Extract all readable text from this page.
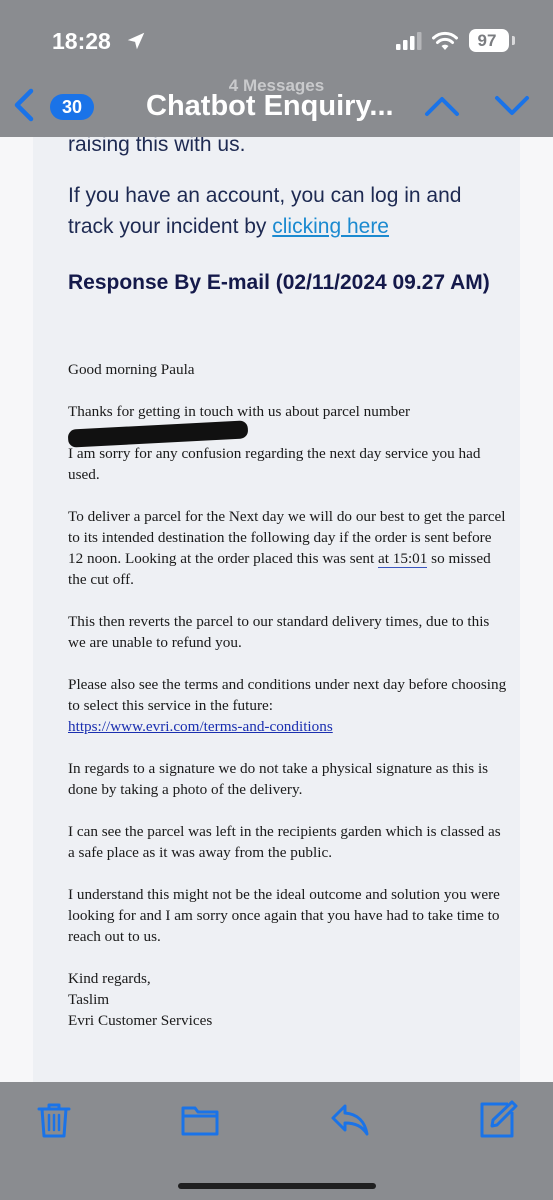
18:28	97
4 Messages
30	Chatbot Enquiry...
raising this with us.
If you have an account, you can log in and track your incident by clicking here
Response By E-mail (02/11/2024 09.27 AM)

Good morning Paula

Thanks for getting in touch with us about parcel number

I am sorry for any confusion regarding the next day service you had used.

To deliver a parcel for the Next day we will do our best to get the parcel to its intended destination the following day if the order is sent before 12 noon. Looking at the order placed this was sent at 15:01 so missed the cut off.

This then reverts the parcel to our standard delivery times, due to this we are unable to refund you.

Please also see the terms and conditions under next day before choosing to select this service in the future:
https://www.evri.com/terms-and-conditions

In regards to a signature we do not take a physical signature as this is done by taking a photo of the delivery.

I can see the parcel was left in the recipients garden which is classed as a safe place as it was away from the public.

I understand this might not be the ideal outcome and solution you were looking for and I am sorry once again that you have had to take time to reach out to us.

Kind regards,

Taslim

Evri Customer Services
